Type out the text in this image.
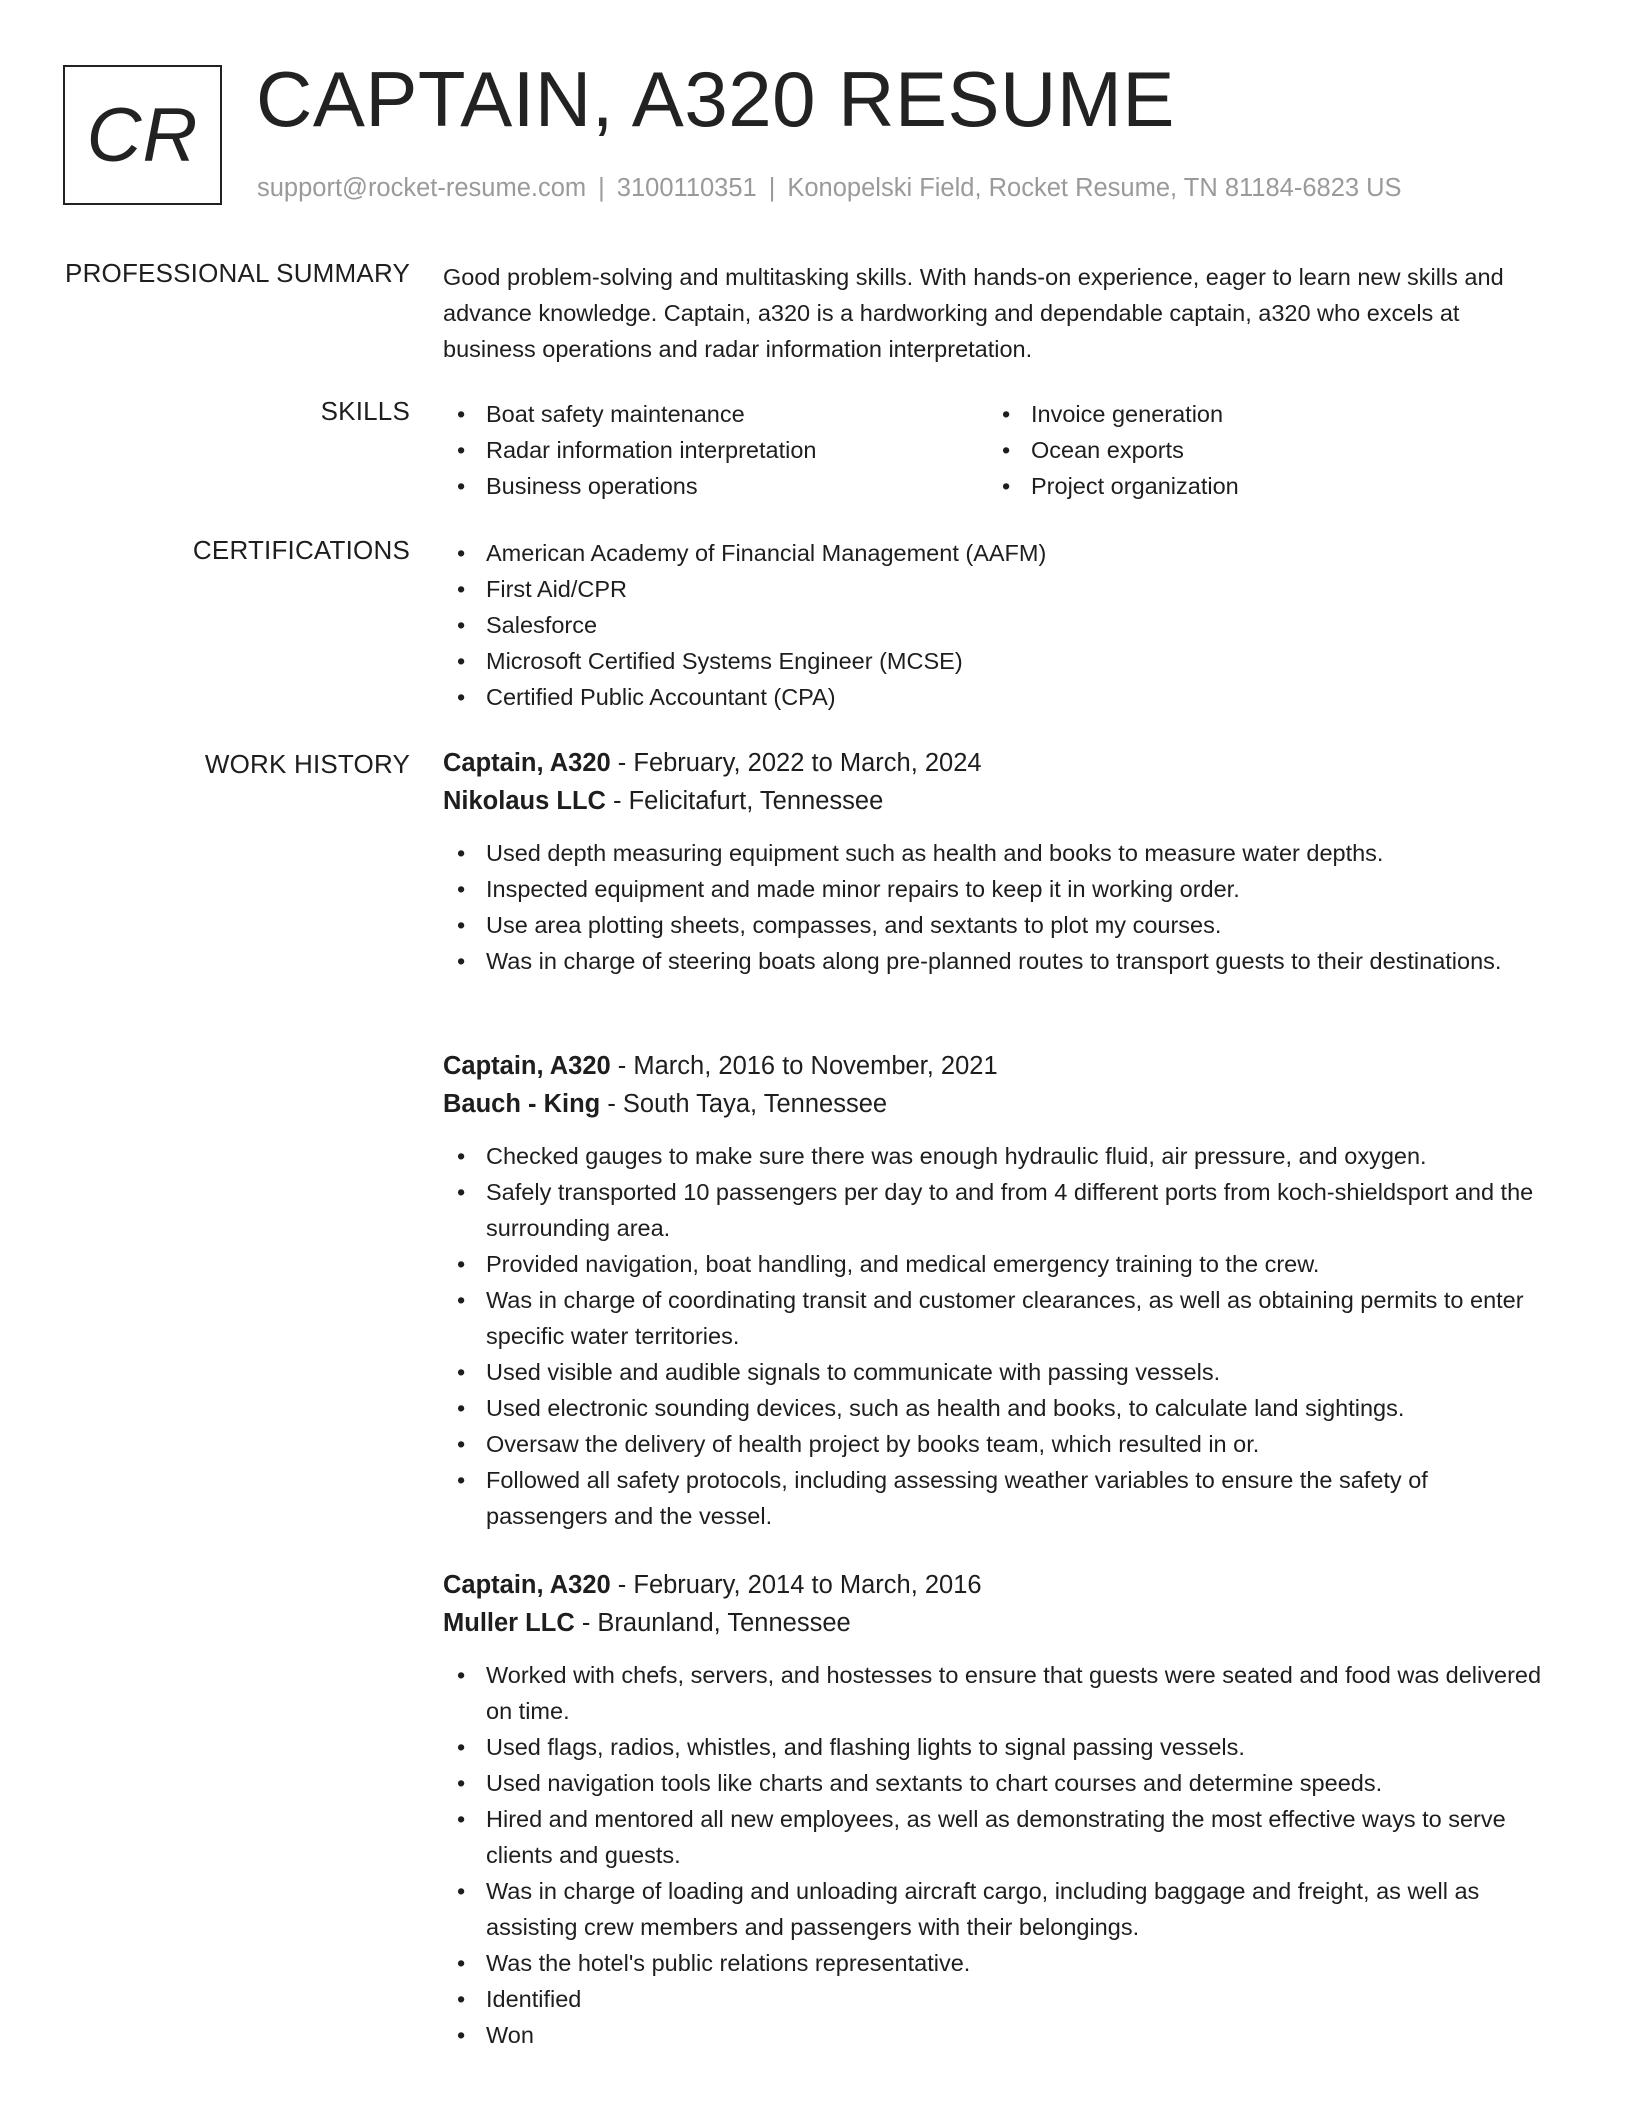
CR CAPTAIN, A320 RESUME
support@rocket-resume.com | 3100110351 | Konopelski Field, Rocket Resume, TN 81184-6823 US
PROFESSIONAL SUMMARY Good problem-solving and multitasking skills. With hands-on experience, eager to learn new skills and advance knowledge. Captain, a320 is a hardworking and dependable captain, a320 who excels at business operations and radar information interpretation.

SKILLS	• Boat safety maintenance
• Radar information interpretation
• Business operations
• Invoice generation
• Ocean exports
• Project organization
CERTIFICATIONS	• American Academy of Financial Management (AAFM)
• First Aid/CPR
• Salesforce
• Microsoft Certified Systems Engineer (MCSE)
• Certified Public Accountant (CPA)
WORK HISTORY Captain, A320 - February, 2022 to March, 2024
Nikolaus LLC - Felicitafurt, Tennessee
• Used depth measuring equipment such as health and books to measure water depths.
• Inspected equipment and made minor repairs to keep it in working order.
• Use area plotting sheets, compasses, and sextants to plot my courses.
• Was in charge of steering boats along pre-planned routes to transport guests to their destinations.
Captain, A320 - March, 2016 to November, 2021
Bauch - King - South Taya, Tennessee
• Checked gauges to make sure there was enough hydraulic fluid, air pressure, and oxygen.
• Safely transported 10 passengers per day to and from 4 different ports from koch-shieldsport and the surrounding area.
• Provided navigation, boat handling, and medical emergency training to the crew.
• Was in charge of coordinating transit and customer clearances, as well as obtaining permits to enter specific water territories.
• Used visible and audible signals to communicate with passing vessels.
• Used electronic sounding devices, such as health and books, to calculate land sightings.
• Oversaw the delivery of health project by books team, which resulted in or.
• Followed all safety protocols, including assessing weather variables to ensure the safety of passengers and the vessel.
Captain, A320 - February, 2014 to March, 2016
Muller LLC - Braunland, Tennessee
• Worked with chefs, servers, and hostesses to ensure that guests were seated and food was delivered on time.
• Used flags, radios, whistles, and flashing lights to signal passing vessels.
• Used navigation tools like charts and sextants to chart courses and determine speeds.
• Hired and mentored all new employees, as well as demonstrating the most effective ways to serve clients and guests.
• Was in charge of loading and unloading aircraft cargo, including baggage and freight, as well as assisting crew members and passengers with their belongings.
• Was the hotel's public relations representative.
• Identified
• Won
